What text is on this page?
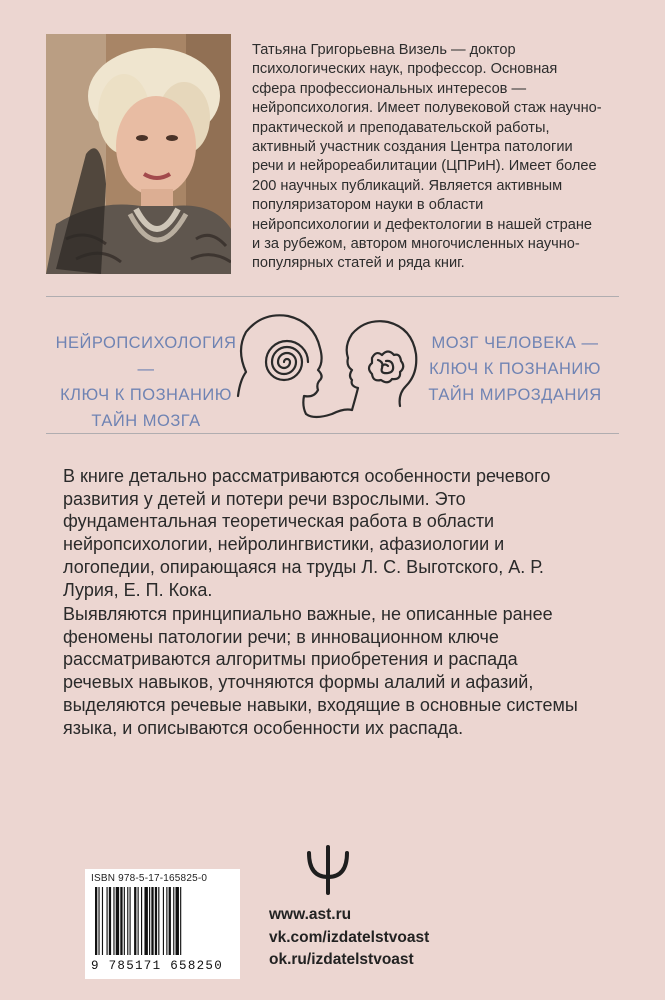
Татьяна Григорьевна Визель — доктор психологических наук, профессор. Основная сфера профессиональных интересов — нейропсихология. Имеет полувековой стаж научно-практической и преподавательской работы, активный участник создания Центра патологии речи и нейрореабилитации (ЦПРиН). Имеет более 200 научных публикаций. Является активным популяризатором науки в области нейропсихологии и дефектологии в нашей стране и за рубежом, автором многочисленных научно-популярных статей и ряда книг.

НЕЙРОПСИХОЛОГИЯ —
КЛЮЧ К ПОЗНАНИЮ
ТАЙН МОЗГА
МОЗГ ЧЕЛОВЕКА —
КЛЮЧ К ПОЗНАНИЮ
ТАЙН МИРОЗДАНИЯ

В книге детально рассматриваются особенности речевого развития у детей и потери речи взрослыми. Это фундаментальная теоретическая работа в области нейропсихологии, нейролингвистики, афазиологии и логопедии, опирающаяся на труды Л. С. Выготского, А. Р. Лурия, Е. П. Кока.

Выявляются принципиально важные, не описанные ранее феномены патологии речи; в инновационном ключе рассматриваются алгоритмы приобретения и распада речевых навыков, уточняются формы алалий и афазий, выделяются речевые навыки, входящие в основные системы языка, и описываются особенности их распада.

ISBN 978-5-17-165825-0
9 785171 658250
www.ast.ru
vk.com/izdatelstvoast
ok.ru/izdatelstvoast
